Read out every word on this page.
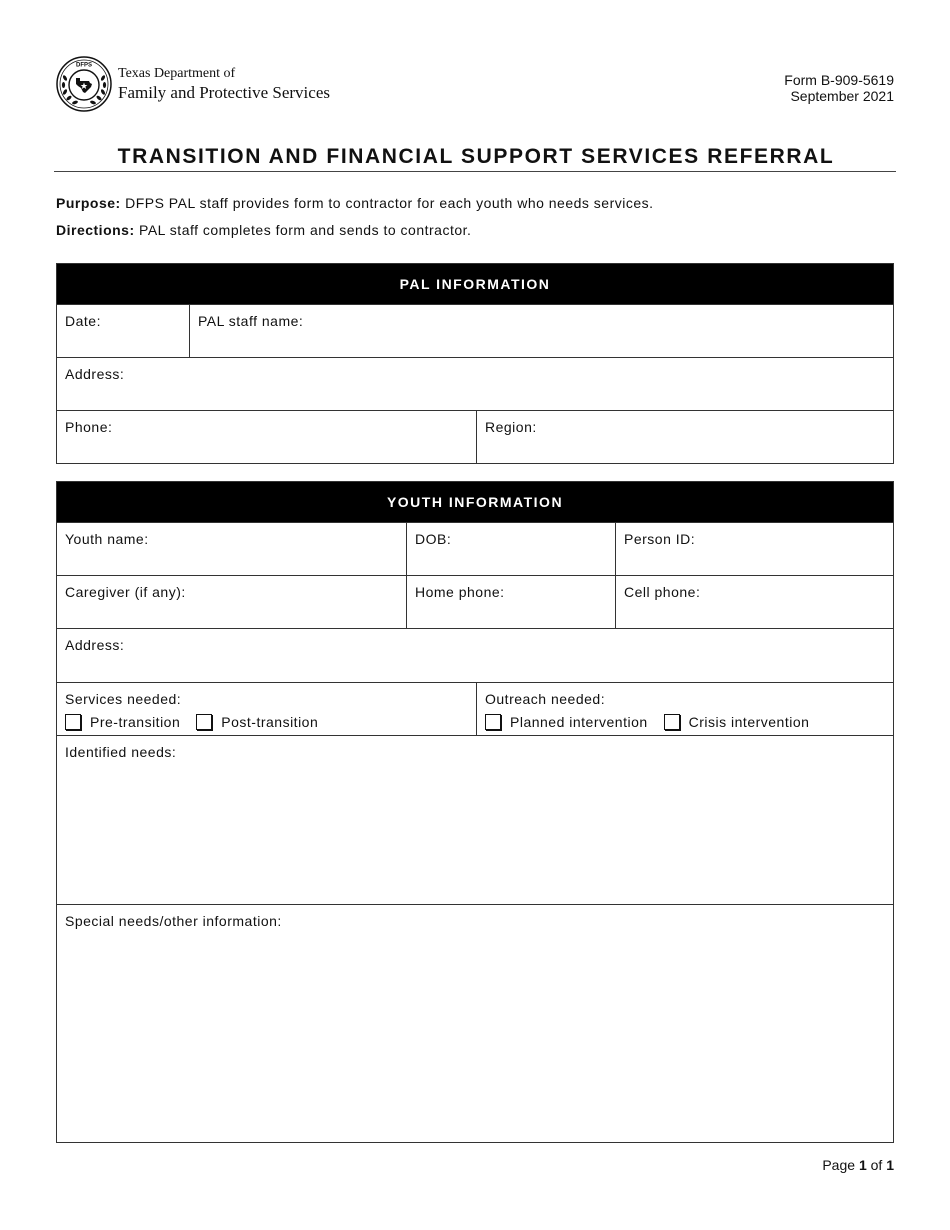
DFPS
Texas Department of
Family and Protective Services
Form B-909-5619
September 2021
TRANSITION AND FINANCIAL SUPPORT SERVICES REFERRAL
Purpose: DFPS PAL staff provides form to contractor for each youth who needs services.
Directions: PAL staff completes form and sends to contractor.
PAL INFORMATION
Date:	PAL staff name:
Address:
Phone:	Region:
YOUTH INFORMATION
Youth name:	DOB:	Person ID:
Caregiver (if any):	Home phone:	Cell phone:
Address:
Services needed:
Pre-transition	Post-transition
Outreach needed:
Planned intervention	Crisis intervention
Identified needs:
Special needs/other information:
Page 1 of 1
